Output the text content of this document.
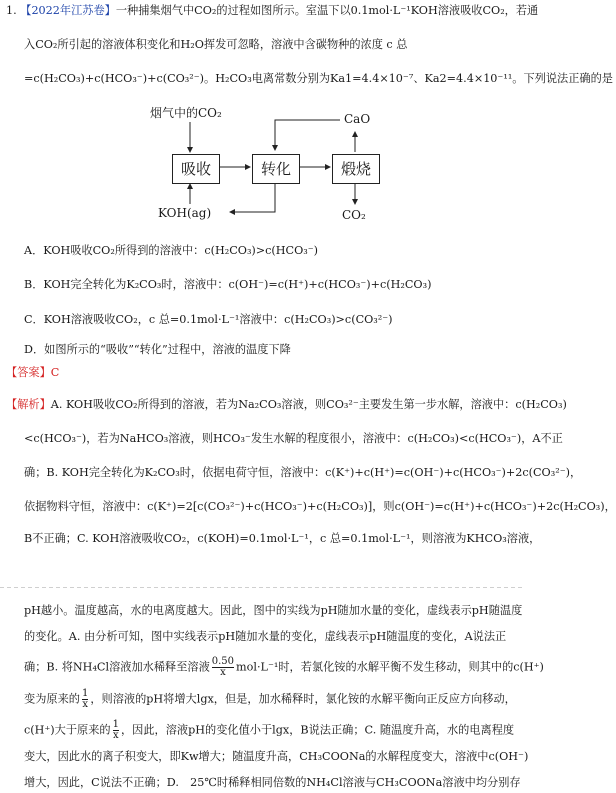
1. 【2022年江苏卷】一种捕集烟气中CO₂的过程如图所示。室温下以0.1mol·L⁻¹KOH溶液吸收CO₂，若通
入CO₂所引起的溶液体积变化和H₂O挥发可忽略，溶液中含碳物种的浓度 c 总
=c(H₂CO₃)+c(HCO₃⁻)+c(CO₃²⁻)。H₂CO₃电离常数分别为Ka1=4.4×10⁻⁷、Ka2=4.4×10⁻¹¹。下列说法正确的是
烟气中的CO₂
吸收	转化	煅烧
CaO
KOH(ag)	CO₂
A．KOH吸收CO₂所得到的溶液中：c(H₂CO₃)>c(HCO₃⁻)
B．KOH完全转化为K₂CO₃时，溶液中：c(OH⁻)=c(H⁺)+c(HCO₃⁻)+c(H₂CO₃)
C．KOH溶液吸收CO₂，c 总=0.1mol·L⁻¹溶液中：c(H₂CO₃)>c(CO₃²⁻)
D．如图所示的“吸收”“转化”过程中，溶液的温度下降
【答案】C
【解析】A. KOH吸收CO₂所得到的溶液，若为Na₂CO₃溶液，则CO₃²⁻主要发生第一步水解，溶液中：c(H₂CO₃)
<c(HCO₃⁻)，若为NaHCO₃溶液，则HCO₃⁻发生水解的程度很小，溶液中：c(H₂CO₃)<c(HCO₃⁻)，A不正
确；B. KOH完全转化为K₂CO₃时，依据电荷守恒，溶液中：c(K⁺)+c(H⁺)=c(OH⁻)+c(HCO₃⁻)+2c(CO₃²⁻)，
依据物料守恒，溶液中：c(K⁺)=2[c(CO₃²⁻)+c(HCO₃⁻)+c(H₂CO₃)]，则c(OH⁻)=c(H⁺)+c(HCO₃⁻)+2c(H₂CO₃)，
B不正确；C. KOH溶液吸收CO₂，c(KOH)=0.1mol·L⁻¹，c 总=0.1mol·L⁻¹，则溶液为KHCO₃溶液，
pH越小。温度越高，水的电离度越大。因此，图中的实线为pH随加水量的变化，虚线表示pH随温度
的变化。A. 由分析可知，图中实线表示pH随加水量的变化，虚线表示pH随温度的变化，A说法正
确；B. 将NH₄Cl溶液加水稀释至溶液 $\frac{0.50}{x} mol\cdot L^{-1}$时，若氯化铵的水解平衡不发生移动，则其中的c(H⁺)
变为原来的 $\frac{1}{x}$ ，则溶液的pH将增大lgx，但是，加水稀释时，氯化铵的水解平衡向正反应方向移动，
c(H⁺)大于原来的 $\frac{1}{x}$ ，因此，溶液pH的变化值小于lgx，B说法正确；C. 随温度升高，水的电离程度
变大，因此水的离子积变大，即Kw增大；随温度升高，CH₃COONa的水解程度变大，溶液中c(OH⁻)
增大，因此，C说法不正确；D.　25℃时稀释相同倍数的NH₄Cl溶液与CH₃COONa溶液中均分别存
